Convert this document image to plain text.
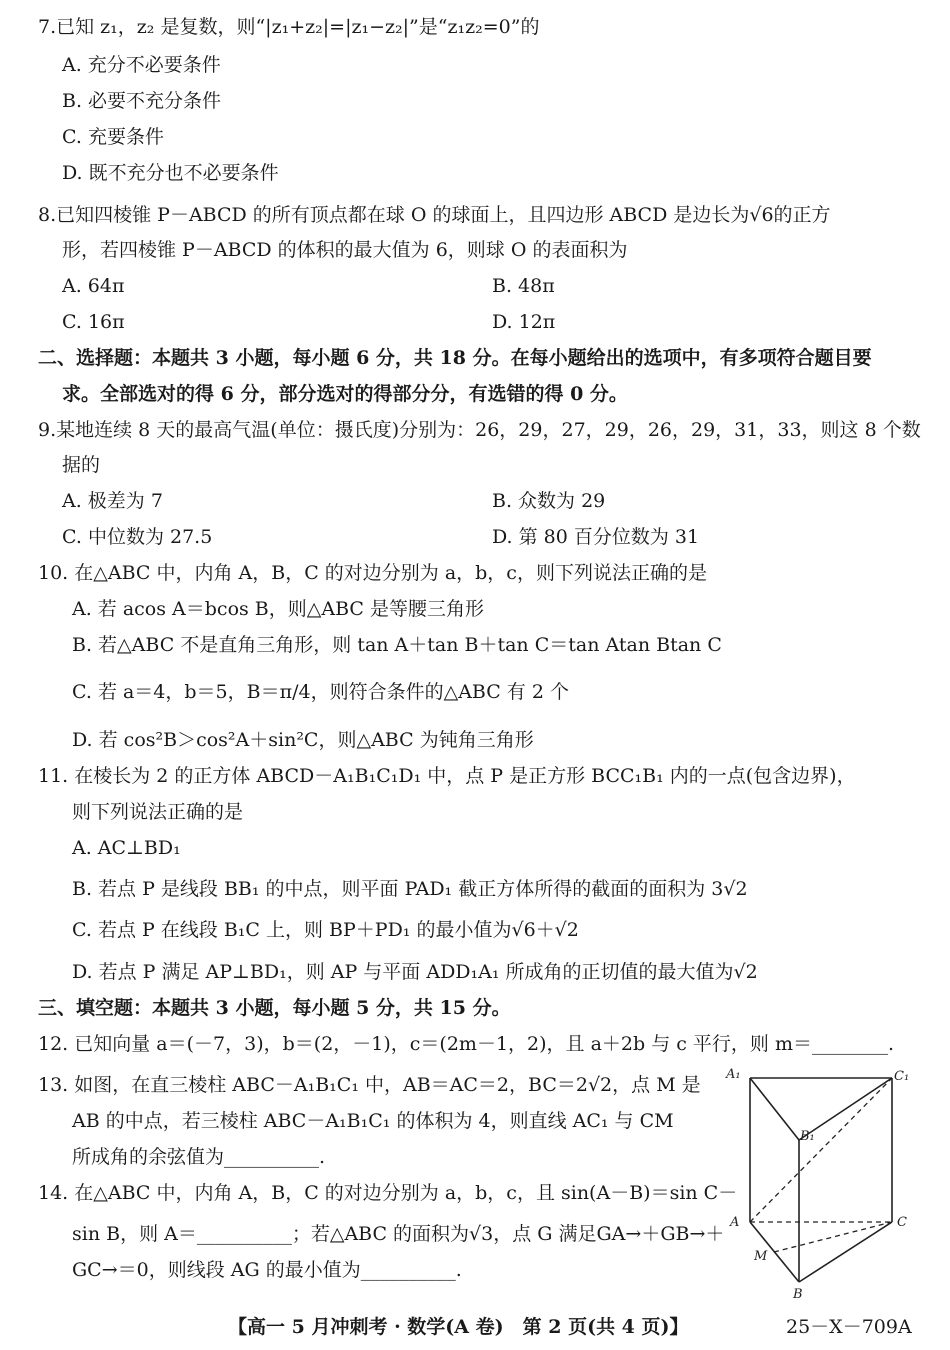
7.已知 z₁，z₂ 是复数，则“|z₁+z₂|=|z₁−z₂|”是“z₁z₂=0”的
A. 充分不必要条件
B. 必要不充分条件
C. 充要条件
D. 既不充分也不必要条件
8.已知四棱锥 P－ABCD 的所有顶点都在球 O 的球面上，且四边形 ABCD 是边长为√6的正方
形，若四棱锥 P－ABCD 的体积的最大值为 6，则球 O 的表面积为
A. 64π	B. 48π
C. 16π	D. 12π
二、选择题：本题共 3 小题，每小题 6 分，共 18 分。在每小题给出的选项中，有多项符合题目要
求。全部选对的得 6 分，部分选对的得部分分，有选错的得 0 分。
9.某地连续 8 天的最高气温(单位：摄氏度)分别为：26，29，27，29，26，29，31，33，则这 8 个数
据的
A. 极差为 7	B. 众数为 29
C. 中位数为 27.5	D. 第 80 百分位数为 31
10. 在△ABC 中，内角 A，B，C 的对边分别为 a，b，c，则下列说法正确的是
A. 若 acos A＝bcos B，则△ABC 是等腰三角形
B. 若△ABC 不是直角三角形，则 tan A＋tan B＋tan C＝tan Atan Btan C
C. 若 a＝4，b＝5，B＝π/4，则符合条件的△ABC 有 2 个
D. 若 cos²B＞cos²A＋sin²C，则△ABC 为钝角三角形
11. 在棱长为 2 的正方体 ABCD－A₁B₁C₁D₁ 中，点 P 是正方形 BCC₁B₁ 内的一点(包含边界)，
则下列说法正确的是
A. AC⊥BD₁
B. 若点 P 是线段 BB₁ 的中点，则平面 PAD₁ 截正方体所得的截面的面积为 3√2
C. 若点 P 在线段 B₁C 上，则 BP＋PD₁ 的最小值为√6＋√2
D. 若点 P 满足 AP⊥BD₁，则 AP 与平面 ADD₁A₁ 所成角的正切值的最大值为√2
三、填空题：本题共 3 小题，每小题 5 分，共 15 分。
12. 已知向量 a＝(－7，3)，b＝(2，－1)，c＝(2m－1，2)，且 a＋2b 与 c 平行，则 m＝________.
13. 如图，在直三棱柱 ABC－A₁B₁C₁ 中，AB＝AC＝2，BC＝2√2，点 M 是
AB 的中点，若三棱柱 ABC－A₁B₁C₁ 的体积为 4，则直线 AC₁ 与 CM
所成角的余弦值为__________.
14. 在△ABC 中，内角 A，B，C 的对边分别为 a，b，c，且 sin(A－B)＝sin C－
sin B，则 A＝__________；若△ABC 的面积为√3，点 G 满足GA→＋GB→＋
GC→＝0，则线段 AG 的最小值为__________.
A₁	C₁
B₁
A	C
M
B
【高一 5 月冲刺考 · 数学(A 卷)　第 2 页(共 4 页)】	25－X－709A
